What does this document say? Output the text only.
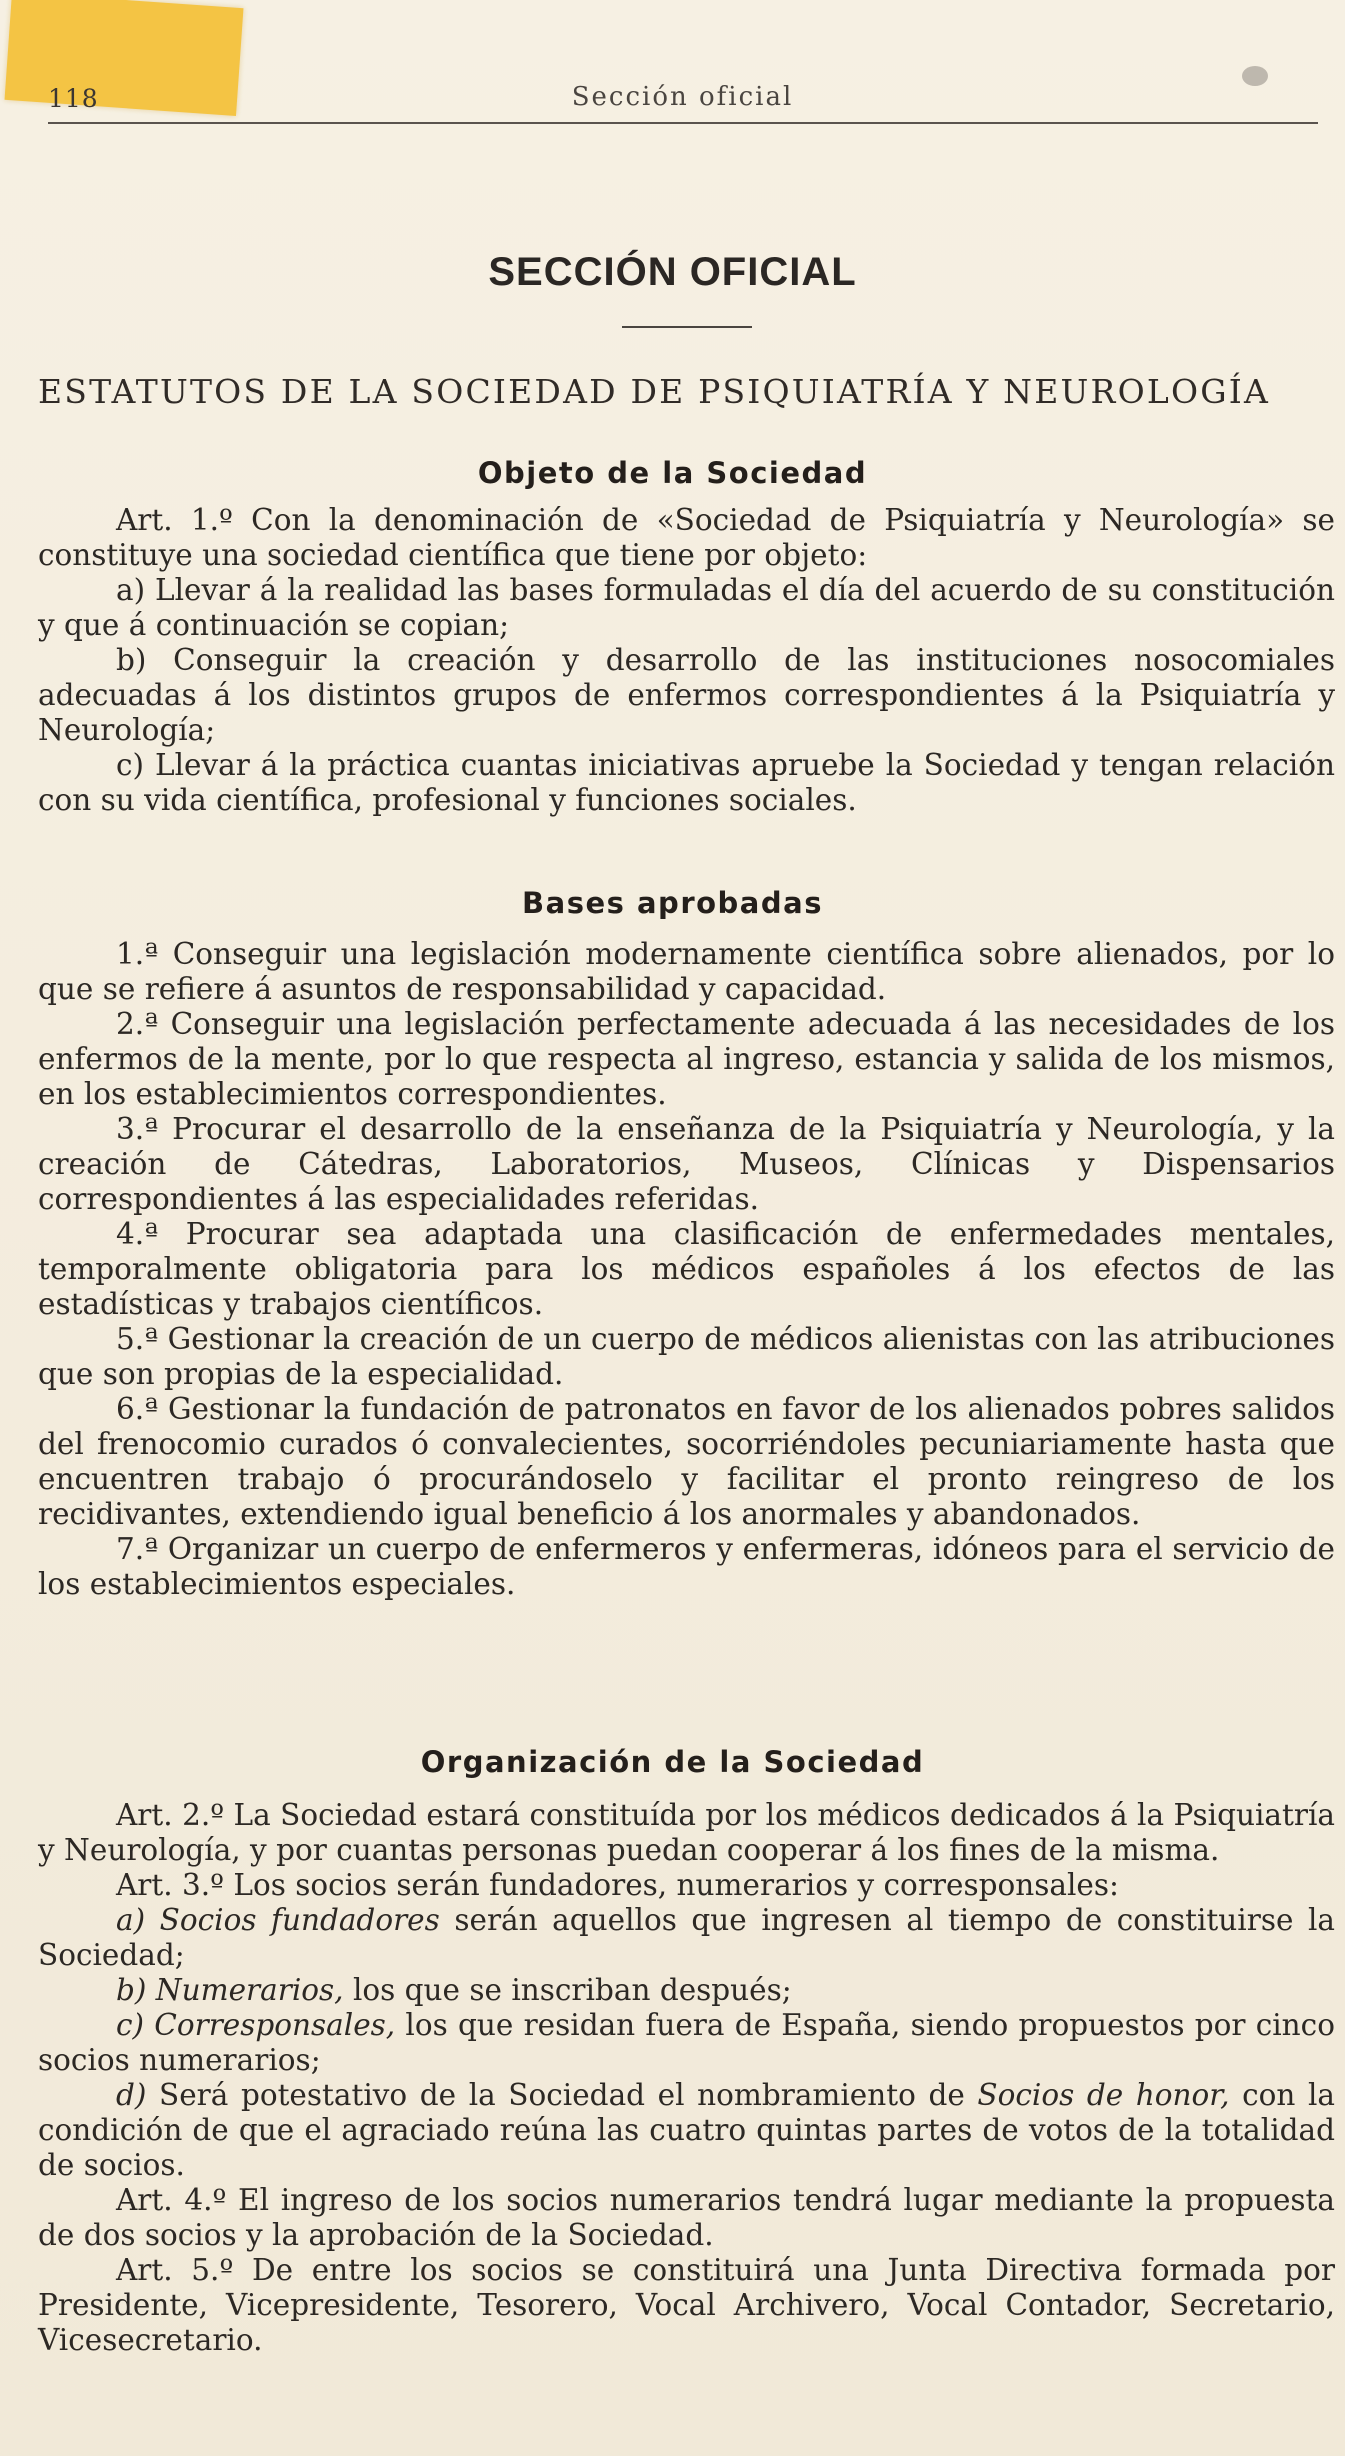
118	Sección oficial
SECCIÓN OFICIAL
ESTATUTOS DE LA SOCIEDAD DE PSIQUIATRÍA Y NEUROLOGÍA
Objeto de la Sociedad

Art. 1.º Con la denominación de «Sociedad de Psiquiatría y Neurología» se constituye una sociedad científica que tiene por objeto:

a) Llevar á la realidad las bases formuladas el día del acuerdo de su constitución y que á continuación se copian;

b) Conseguir la creación y desarrollo de las instituciones nosocomiales adecuadas á los distintos grupos de enfermos correspondientes á la Psiquiatría y Neurología;

c) Llevar á la práctica cuantas iniciativas apruebe la Sociedad y tengan relación con su vida científica, profesional y funciones sociales.

Bases aprobadas

1.ª Conseguir una legislación modernamente científica sobre alienados, por lo que se refiere á asuntos de responsabilidad y capacidad.

2.ª Conseguir una legislación perfectamente adecuada á las necesidades de los enfermos de la mente, por lo que respecta al ingreso, estancia y salida de los mismos, en los establecimientos correspondientes.

3.ª Procurar el desarrollo de la enseñanza de la Psiquiatría y Neurología, y la creación de Cátedras, Laboratorios, Museos, Clínicas y Dispensarios correspondientes á las especialidades referidas.

4.ª Procurar sea adaptada una clasificación de enfermedades mentales, temporalmente obligatoria para los médicos españoles á los efectos de las estadísticas y trabajos científicos.

5.ª Gestionar la creación de un cuerpo de médicos alienistas con las atribuciones que son propias de la especialidad.

6.ª Gestionar la fundación de patronatos en favor de los alienados pobres salidos del frenocomio curados ó convalecientes, socorriéndoles pecuniariamente hasta que encuentren trabajo ó procurándoselo y facilitar el pronto reingreso de los recidivantes, extendiendo igual beneficio á los anormales y abandonados.

7.ª Organizar un cuerpo de enfermeros y enfermeras, idóneos para el servicio de los establecimientos especiales.

Organización de la Sociedad

Art. 2.º La Sociedad estará constituída por los médicos dedicados á la Psiquiatría y Neurología, y por cuantas personas puedan cooperar á los fines de la misma.

Art. 3.º Los socios serán fundadores, numerarios y corresponsales:

a) Socios fundadores serán aquellos que ingresen al tiempo de constituirse la Sociedad;

b) Numerarios, los que se inscriban después;

c) Corresponsales, los que residan fuera de España, siendo propuestos por cinco socios numerarios;

d) Será potestativo de la Sociedad el nombramiento de Socios de honor, con la condición de que el agraciado reúna las cuatro quintas partes de votos de la totalidad de socios.

Art. 4.º El ingreso de los socios numerarios tendrá lugar mediante la propuesta de dos socios y la aprobación de la Sociedad.

Art. 5.º De entre los socios se constituirá una Junta Directiva formada por Presidente, Vicepresidente, Tesorero, Vocal Archivero, Vocal Contador, Secretario, Vicesecretario.
